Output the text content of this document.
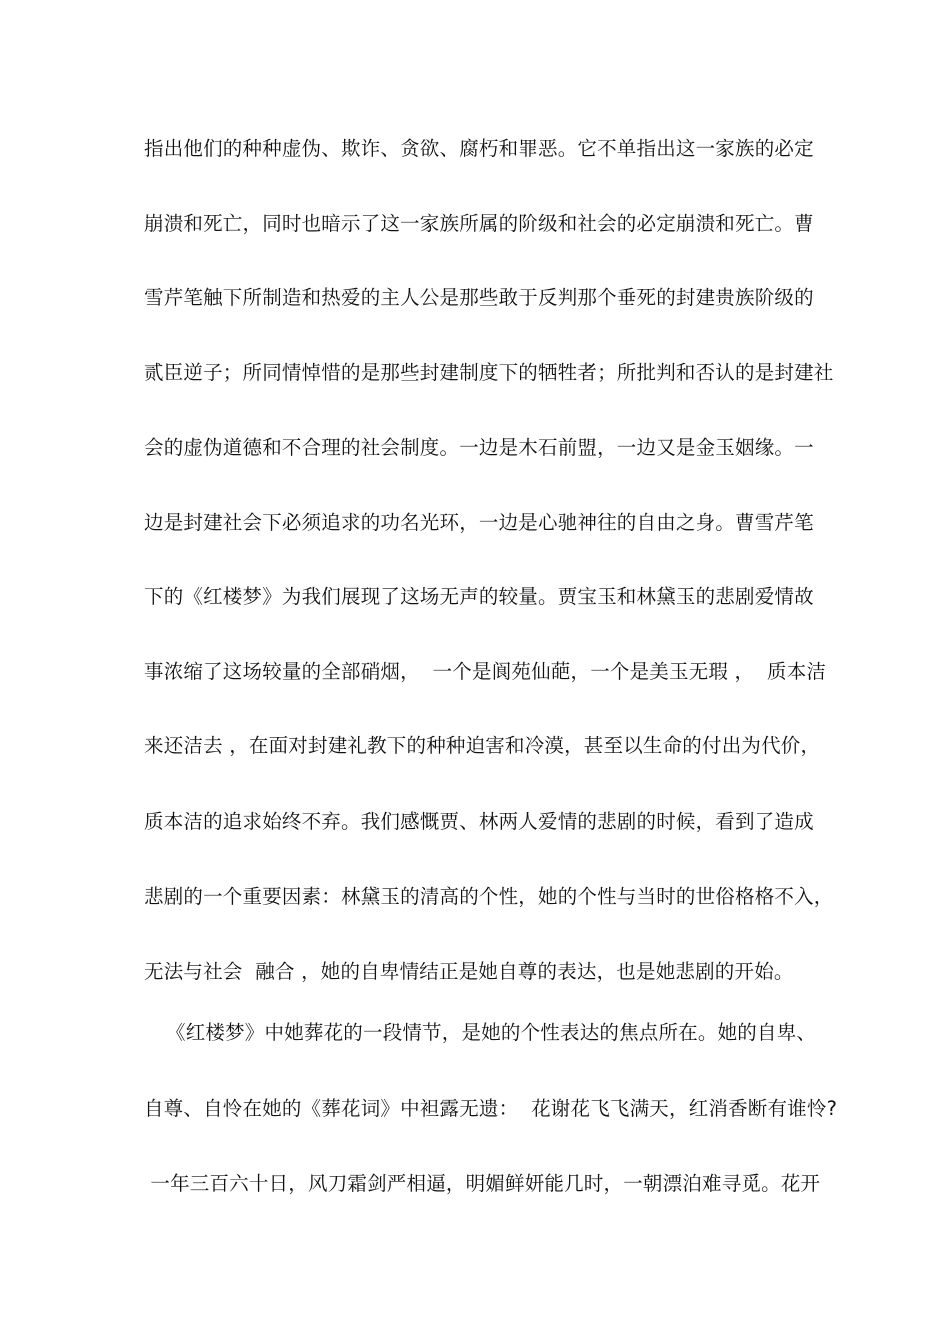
指出他们的种种虚伪、欺诈、贪欲、腐朽和罪恶。它不单指出这一家族的必定
崩溃和死亡，同时也暗示了这一家族所属的阶级和社会的必定崩溃和死亡。曹
雪芹笔触下所制造和热爱的主人公是那些敢于反判那个垂死的封建贵族阶级的
贰臣逆子；所同情悼惜的是那些封建制度下的牺牲者；所批判和否认的是封建社
会的虚伪道德和不合理的社会制度。一边是木石前盟，一边又是金玉姻缘。一
边是封建社会下必须追求的功名光环，一边是心驰神往的自由之身。曹雪芹笔
下的《红楼梦》为我们展现了这场无声的较量。贾宝玉和林黛玉的悲剧爱情故
事浓缩了这场较量的全部硝烟，  一个是阆苑仙葩，一个是美玉无瑕 ，  质本洁
来还洁去 ，在面对封建礼教下的种种迫害和冷漠，甚至以生命的付出为代价，
质本洁的追求始终不弃。我们感慨贾、林两人爱情的悲剧的时候，看到了造成
悲剧的一个重要因素：林黛玉的清高的个性，她的个性与当时的世俗格格不入，
无法与社会  融合 ，她的自卑情结正是她自尊的表达，也是她悲剧的开始。
《红楼梦》中她葬花的一段情节，是她的个性表达的焦点所在。她的自卑、
自尊、自怜在她的《葬花词》中袒露无遗：  花谢花飞飞满天，红消香断有谁怜?
一年三百六十日，风刀霜剑严相逼，明媚鲜妍能几时，一朝漂泊难寻觅。花开
